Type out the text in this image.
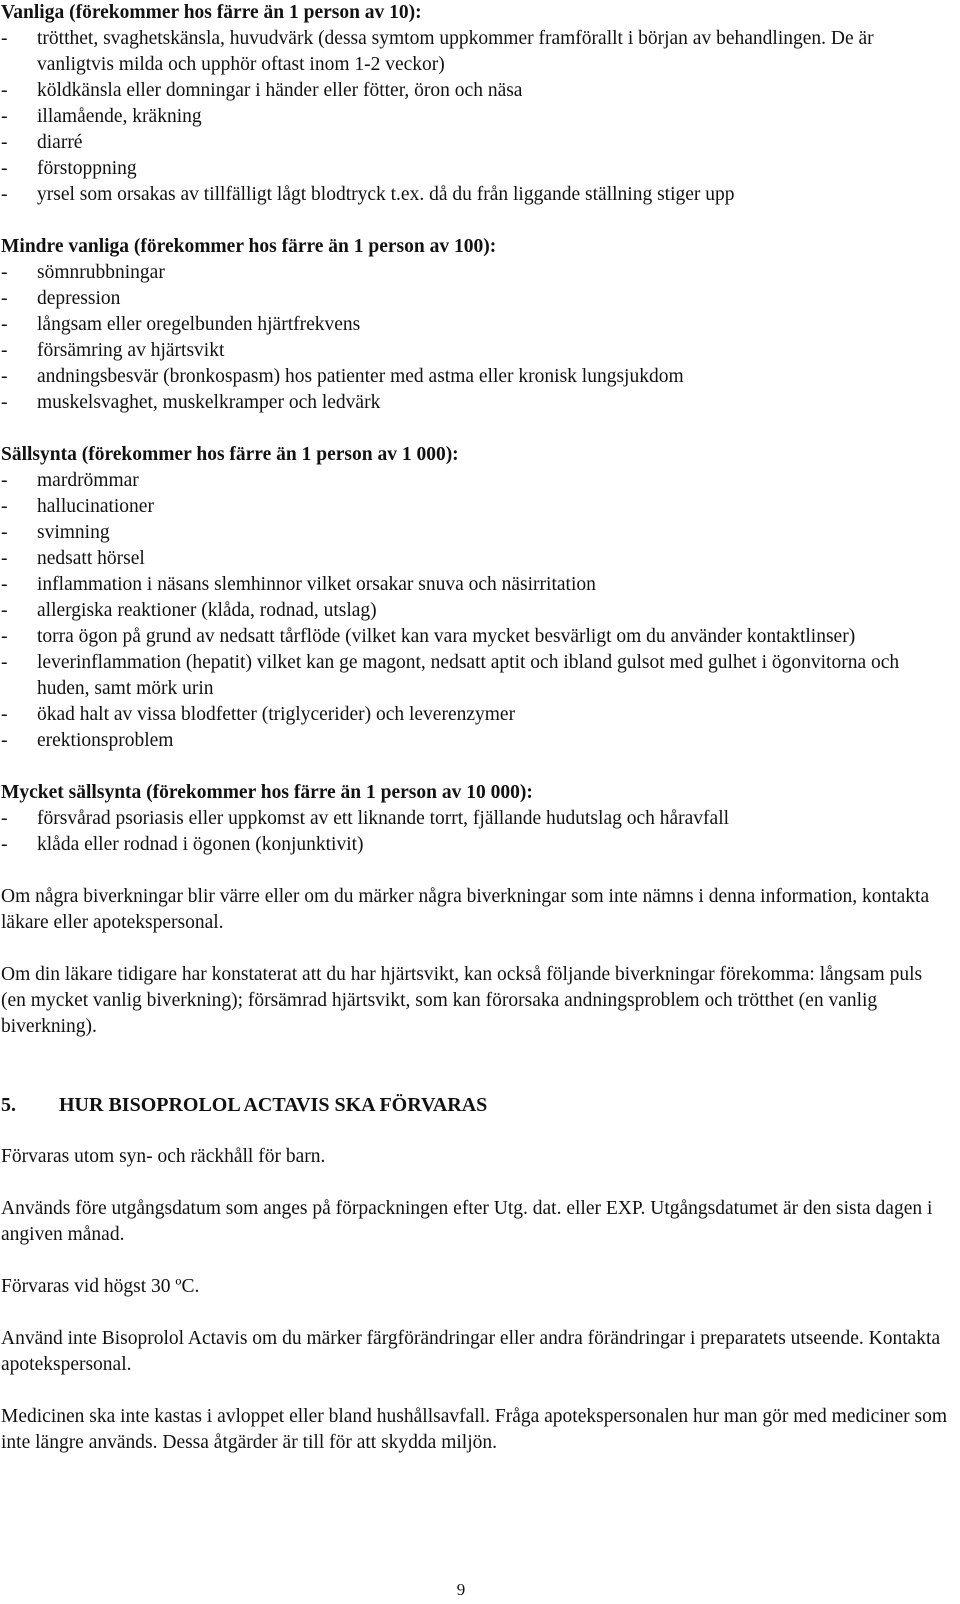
Vanliga (förekommer hos färre än 1 person av 10):

- trötthet, svaghetskänsla, huvudvärk (dessa symtom uppkommer framförallt i början av behandlingen. De är vanligtvis milda och upphör oftast inom 1-2 veckor)
- köldkänsla eller domningar i händer eller fötter, öron och näsa
- illamående, kräkning
- diarré
- förstoppning
- yrsel som orsakas av tillfälligt lågt blodtryck t.ex. då du från liggande ställning stiger upp

Mindre vanliga (förekommer hos färre än 1 person av 100):

- sömnrubbningar
- depression
- långsam eller oregelbunden hjärtfrekvens
- försämring av hjärtsvikt
- andningsbesvär (bronkospasm) hos patienter med astma eller kronisk lungsjukdom
- muskelsvaghet, muskelkramper och ledvärk

Sällsynta (förekommer hos färre än 1 person av 1 000):

- mardrömmar
- hallucinationer
- svimning
- nedsatt hörsel
- inflammation i näsans slemhinnor vilket orsakar snuva och näsirritation
- allergiska reaktioner (klåda, rodnad, utslag)
- torra ögon på grund av nedsatt tårflöde (vilket kan vara mycket besvärligt om du använder kontaktlinser)
- leverinflammation (hepatit) vilket kan ge magont, nedsatt aptit och ibland gulsot med gulhet i ögonvitorna och huden, samt mörk urin
- ökad halt av vissa blodfetter (triglycerider) och leverenzymer
- erektionsproblem

Mycket sällsynta (förekommer hos färre än 1 person av 10 000):

- försvårad psoriasis eller uppkomst av ett liknande torrt, fjällande hudutslag och håravfall
- klåda eller rodnad i ögonen (konjunktivit)

Om några biverkningar blir värre eller om du märker några biverkningar som inte nämns i denna information, kontakta läkare eller apotekspersonal.

Om din läkare tidigare har konstaterat att du har hjärtsvikt, kan också följande biverkningar förekomma: långsam puls (en mycket vanlig biverkning); försämrad hjärtsvikt, som kan förorsaka andningsproblem och trötthet (en vanlig biverkning).

5. HUR BISOPROLOL ACTAVIS SKA FÖRVARAS

Förvaras utom syn- och räckhåll för barn.

Används före utgångsdatum som anges på förpackningen efter Utg. dat. eller EXP. Utgångsdatumet är den sista dagen i angiven månad.

Förvaras vid högst 30 ºC.

Använd inte Bisoprolol Actavis om du märker färgförändringar eller andra förändringar i preparatets utseende. Kontakta apotekspersonal.

Medicinen ska inte kastas i avloppet eller bland hushållsavfall. Fråga apotekspersonalen hur man gör med mediciner som inte längre används. Dessa åtgärder är till för att skydda miljön.

9
